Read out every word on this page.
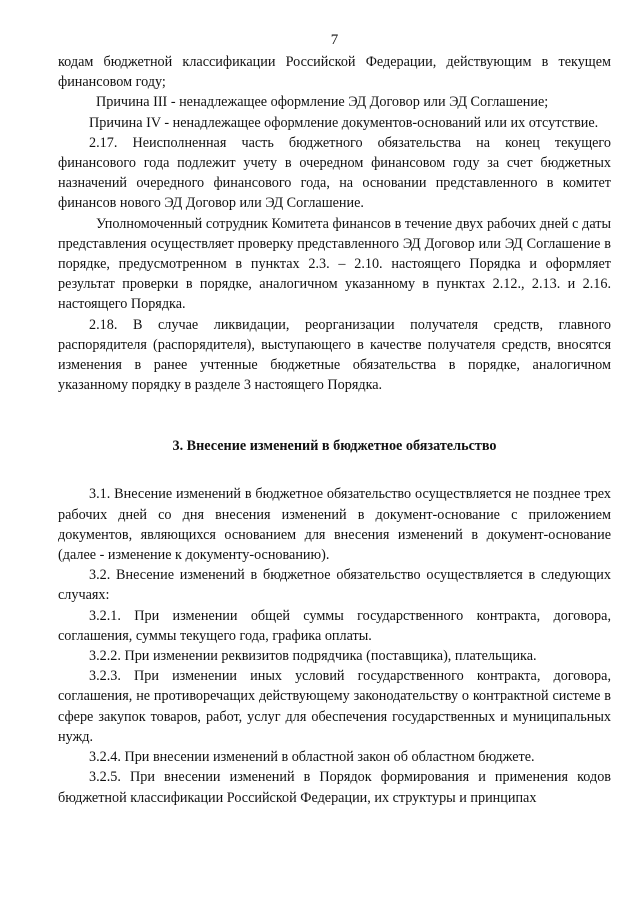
7

кодам бюджетной классификации Российской Федерации, действующим в текущем финансовом году;

Причина III - ненадлежащее оформление ЭД Договор или ЭД Соглашение;

Причина IV - ненадлежащее оформление документов-оснований или их отсутствие.

2.17. Неисполненная часть бюджетного обязательства на конец текущего финансового года подлежит учету в очередном финансовом году за счет бюджетных назначений очередного финансового года, на основании представленного в комитет финансов нового ЭД Договор или ЭД Соглашение.

Уполномоченный сотрудник Комитета финансов в течение двух рабочих дней с даты представления осуществляет проверку представленного ЭД Договор или ЭД Соглашение в порядке, предусмотренном в пунктах 2.3. – 2.10. настоящего Порядка и оформляет результат проверки в порядке, аналогичном указанному в пунктах 2.12., 2.13. и 2.16. настоящего Порядка.

2.18. В случае ликвидации, реорганизации получателя средств, главного распорядителя (распорядителя), выступающего в качестве получателя средств, вносятся изменения в ранее учтенные бюджетные обязательства в порядке, аналогичном указанному порядку в разделе 3 настоящего Порядка.

3. Внесение изменений в бюджетное обязательство

3.1. Внесение изменений в бюджетное обязательство осуществляется не позднее трех рабочих дней со дня внесения изменений в документ-основание с приложением документов, являющихся основанием для внесения изменений в документ-основание (далее - изменение к документу-основанию).

3.2. Внесение изменений в бюджетное обязательство осуществляется в следующих случаях:

3.2.1. При изменении общей суммы государственного контракта, договора, соглашения, суммы текущего года, графика оплаты.

3.2.2. При изменении реквизитов подрядчика (поставщика), плательщика.

3.2.3. При изменении иных условий государственного контракта, договора, соглашения, не противоречащих действующему законодательству о контрактной системе в сфере закупок товаров, работ, услуг для обеспечения государственных и муниципальных нужд.

3.2.4. При внесении изменений в областной закон об областном бюджете.

3.2.5. При внесении изменений в Порядок формирования и применения кодов бюджетной классификации Российской Федерации, их структуры и принципах
